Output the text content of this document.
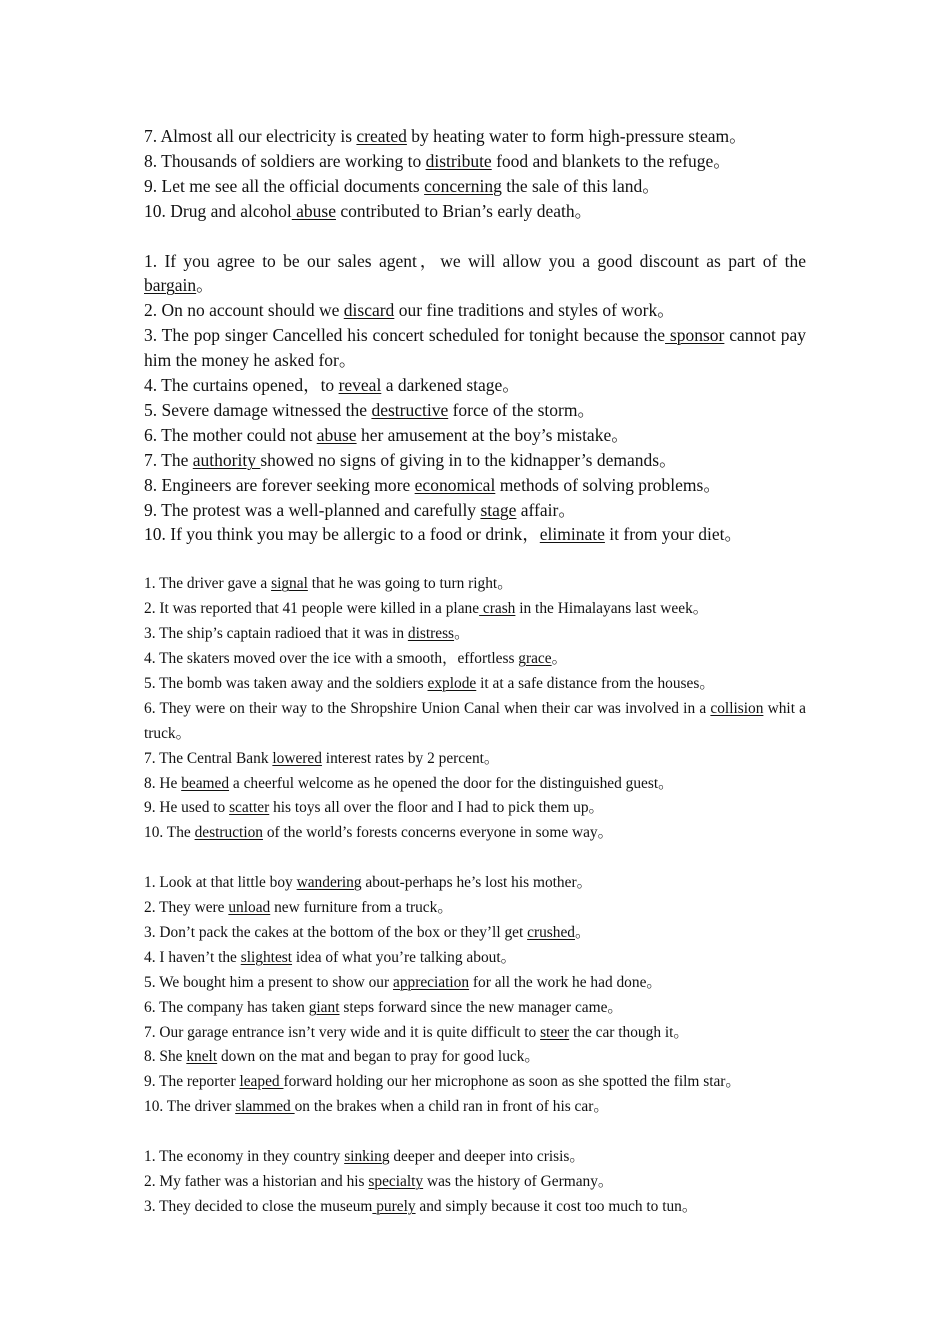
7. Almost all our electricity is created by heating water to form high-pressure steam。
8. Thousands of soldiers are working to distribute food and blankets to the refuge。
9. Let me see all the official documents concerning the sale of this land。
10. Drug and alcohol abuse contributed to Brian’s early death。
1. If you agree to be our sales agent，we will allow you a good discount as part of the bargain。
2. On no account should we discard our fine traditions and styles of work。
3. The pop singer Cancelled his concert scheduled for tonight because the sponsor cannot pay him the money he asked for。
4. The curtains opened，to reveal a darkened stage。
5. Severe damage witnessed the destructive force of the storm。
6. The mother could not abuse her amusement at the boy’s mistake。
7. The authority showed no signs of giving in to the kidnapper’s demands。
8. Engineers are forever seeking more economical methods of solving problems。
9. The protest was a well-planned and carefully stage affair。
10. If you think you may be allergic to a food or drink，eliminate it from your diet。
1. The driver gave a signal that he was going to turn right。
2. It was reported that 41 people were killed in a plane crash in the Himalayans last week。
3. The ship’s captain radioed that it was in distress。
4. The skaters moved over the ice with a smooth，effortless grace。
5. The bomb was taken away and the soldiers explode it at a safe distance from the houses。
6. They were on their way to the Shropshire Union Canal when their car was involved in a collision whit a truck。
7. The Central Bank lowered interest rates by 2 percent。
8. He beamed a cheerful welcome as he opened the door for the distinguished guest。
9. He used to scatter his toys all over the floor and I had to pick them up。
10. The destruction of the world’s forests concerns everyone in some way。
1. Look at that little boy wandering about-perhaps he’s lost his mother。
2. They were unload new furniture from a truck。
3. Don’t pack the cakes at the bottom of the box or they’ll get crushed。
4. I haven’t the slightest idea of what you’re talking about。
5. We bought him a present to show our appreciation for all the work he had done。
6. The company has taken giant steps forward since the new manager came。
7. Our garage entrance isn’t very wide and it is quite difficult to steer the car though it。
8. She knelt down on the mat and began to pray for good luck。
9. The reporter leaped forward holding our her microphone as soon as she spotted the film star。
10. The driver slammed on the brakes when a child ran in front of his car。
1. The economy in they country sinking deeper and deeper into crisis。
2. My father was a historian and his specialty was the history of Germany。
3. They decided to close the museum purely and simply because it cost too much to tun。
